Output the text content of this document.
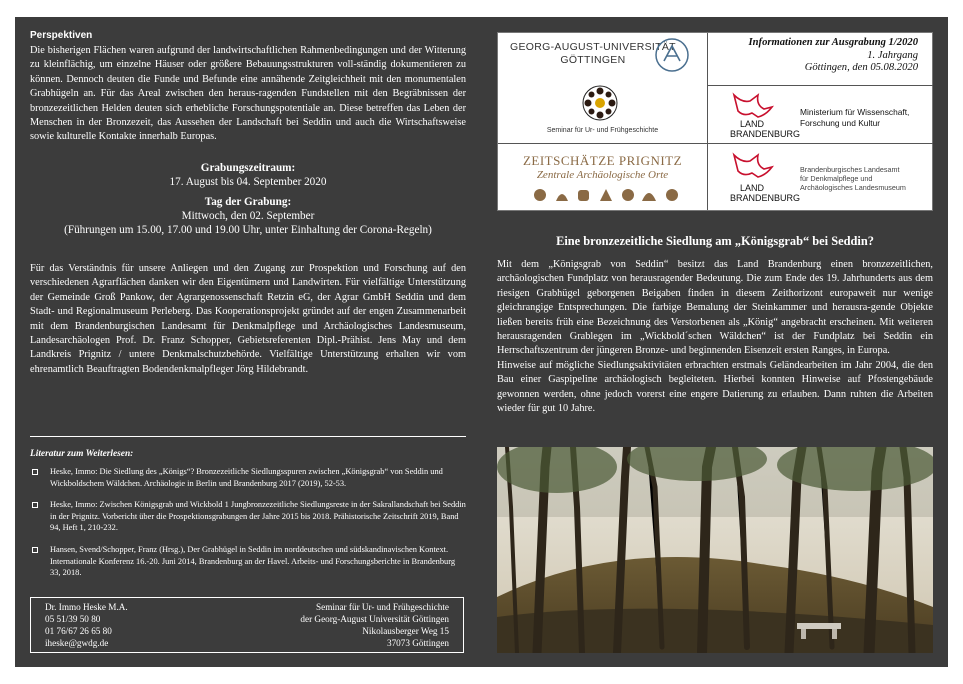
Perspektiven

Die bisherigen Flächen waren aufgrund der landwirtschaftlichen Rahmenbedingungen und der Witterung zu kleinflächig, um einzelne Häuser oder größere Bebauungsstrukturen voll-ständig dokumentieren zu können. Dennoch deuten die Funde und Befunde eine annähende Zeitgleichheit mit den monumentalen Grabhügeln an. Für das Areal zwischen den heraus-ragenden Fundstellen mit den Begräbnissen der bronzezeitlichen Helden deuten sich erhebliche Forschungspotentiale an. Diese betreffen das Leben der Menschen in der Bronzezeit, das Aussehen der Landschaft bei Seddin und auch die Wirtschaftsweise sowie kulturelle Kontakte innerhalb Europas.

Grabungszeitraum:

17. August bis 04. September 2020

Tag der Grabung:

Mittwoch, den 02. September

(Führungen um 15.00, 17.00 und 19.00 Uhr, unter Einhaltung der Corona-Regeln)

Für das Verständnis für unsere Anliegen und den Zugang zur Prospektion und Forschung auf den verschiedenen Agrarflächen danken wir den Eigentümern und Landwirten. Für vielfältige Unterstützung der Gemeinde Groß Pankow, der Agrargenossenschaft Retzin eG, der Agrar GmbH Seddin und dem Stadt- und Regionalmuseum Perleberg. Das Kooperationsprojekt gründet auf der engen Zusammenarbeit mit dem Brandenburgischen Landesamt für Denkmalpflege und Archäologisches Landesmuseum, Landesarchäologen Prof. Dr. Franz Schopper, Gebietsreferenten Dipl.-Prähist. Jens May und dem Landkreis Prignitz / untere Denkmalschutzbehörde. Vielfältige Unterstützung erhalten wir vom ehrenamtlich Beauftragten Bodendenkmalpfleger Jörg Hildebrandt.

Literatur zum Weiterlesen:

Heske, Immo: Die Siedlung des „Königs“? Bronzezeitliche Siedlungsspuren zwischen „Königsgrab“ von Seddin und Wickboldschem Wäldchen. Archäologie in Berlin und Brandenburg 2017 (2019), 52-53.
Heske, Immo: Zwischen Königsgrab und Wickbold 1 Jungbronzezeitliche Siedlungsreste in der Sakrallandschaft bei Seddin in der Prignitz. Vorbericht über die Prospektionsgrabungen der Jahre 2015 bis 2018. Prähistorische Zeitschrift 2019, Band 94, Heft 1, 210-232.
Hansen, Svend/Schopper, Franz (Hrsg.), Der Grabhügel in Seddin im norddeutschen und südskandinavischen Kontext. Internationale Konferenz 16.-20. Juni 2014, Brandenburg an der Havel. Arbeits- und Forschungsberichte in Brandenburg 33, 2018.
Dr. Immo Heske M.A.
05 51/39 50 80
01 76/67 26 65 80
iheske@gwdg.de
Seminar für Ur- und Frühgeschichte
der Georg-August Universität Göttingen
Nikolausberger Weg 15
37073 Göttingen
GEORG-AUGUST-UNIVERSITÄT
GÖTTINGEN
Seminar für Ur- und Frühgeschichte
ZEITSCHÄTZE PRIGNITZ
Zentrale Archäologische Orte
Informationen zur Ausgrabung 1/2020
1. Jahrgang
Göttingen, den 05.08.2020
LAND
BRANDENBURG
Ministerium für Wissenschaft,
Forschung und Kultur
LAND
BRANDENBURG
Brandenburgisches Landesamt
für Denkmalpflege und
Archäologisches Landesmuseum
Eine bronzezeitliche Siedlung am „Königsgrab“ bei Seddin?

Mit dem „Königsgrab von Seddin“ besitzt das Land Brandenburg einen bronzezeitlichen, archäologischen Fundplatz von herausragender Bedeutung. Die zum Ende des 19. Jahrhunderts aus dem riesigen Grabhügel geborgenen Beigaben finden in diesem Zeithorizont europaweit nur wenige gleichrangige Entsprechungen. Die farbige Bemalung der Steinkammer und herausra-gende Objekte ließen bereits früh eine Bezeichnung des Verstorbenen als „König“ angebracht erscheinen. Mit weiteren herausragenden Grablegen im „Wickbold´schen Wäldchen“ ist der Fundplatz bei Seddin ein Herrschaftszentrum der jüngeren Bronze- und beginnenden Eisenzeit ersten Ranges, in Europa.

Hinweise auf mögliche Siedlungsaktivitäten erbrachten erstmals Geländearbeiten im Jahr 2004, die den Bau einer Gaspipeline archäologisch begleiteten. Hierbei konnten Hinweise auf Pfostengebäude gewonnen werden, ohne jedoch vorerst eine engere Datierung zu erlauben. Dann ruhten die Arbeiten wieder für gut 10 Jahre.
